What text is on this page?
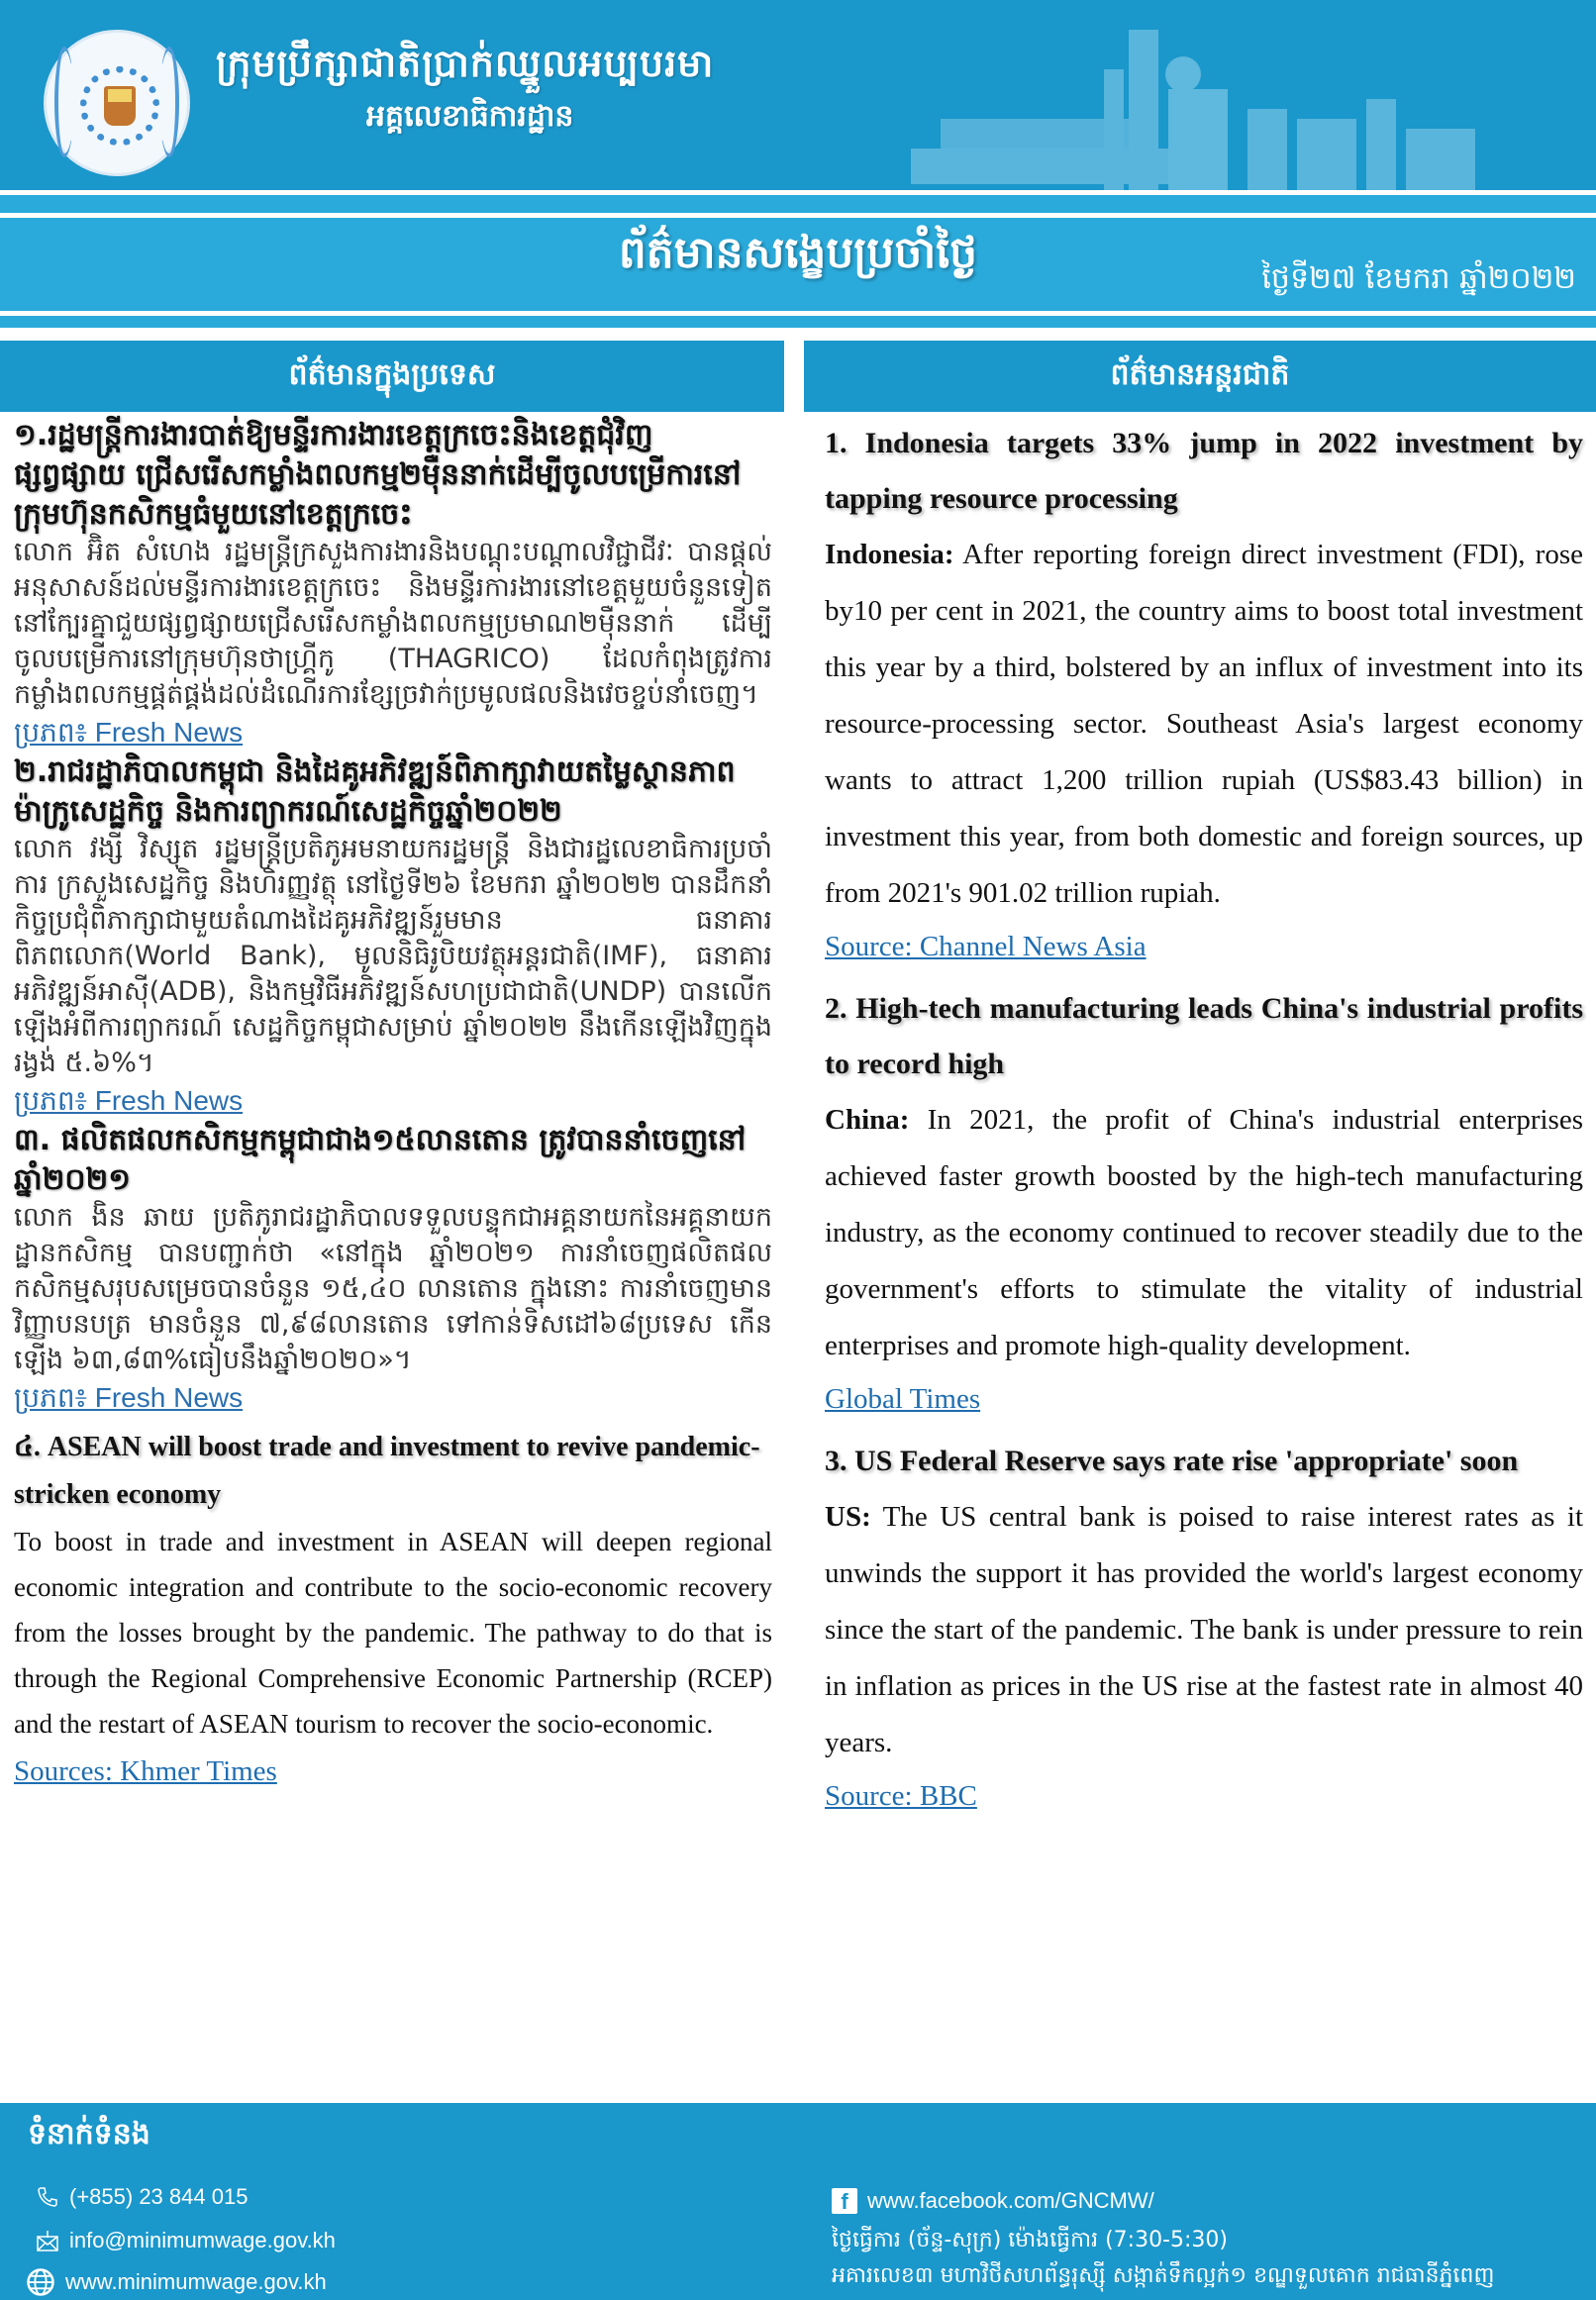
ក្រុមប្រឹក្សាជាតិប្រាក់ឈ្នួលអប្បបរមា
អគ្គលេខាធិការដ្ឋាន
ព័ត៌មានសង្ខេបប្រចាំថ្ងៃ
ថ្ងៃទី២៧ ខែមករា ឆ្នាំ២០២២
ព័ត៌មានក្នុងប្រទេស	ព័ត៌មានអន្តរជាតិ
១.រដ្ឋមន្ត្រីការងារបាត់ឱ្យមន្ទីរការងារខេត្តក្រចេះនិងខេត្តជុំវិញ ផ្សព្វផ្សាយ ជ្រើសរើសកម្លាំងពលកម្ម២ម៉ឺននាក់ដើម្បីចូលបម្រើការនៅក្រុមហ៊ុនកសិកម្មធំមួយនៅខេត្តក្រចេះ
លោក អ៊ិត សំហេង រដ្ឋមន្ត្រីក្រសួងការងារនិងបណ្តុះបណ្តាលវិជ្ជាជីវៈ បានផ្តល់អនុសាសន៍ដល់មន្ទីរការងារខេត្តក្រចេះ និងមន្ទីរការងារនៅខេត្តមួយចំនួនទៀត នៅក្បែរគ្នាជួយផ្សព្វផ្សាយជ្រើសរើសកម្លាំងពលកម្មប្រមាណ២ម៉ឺននាក់ ដើម្បីចូលបម្រើការនៅក្រុមហ៊ុនថាហ្គ្រីកូ (THAGRICO) ដែលកំពុងត្រូវការកម្លាំងពលកម្មផ្គត់ផ្គង់ដល់ដំណើរការខ្សែច្រវាក់ប្រមូលផលនិងវេចខ្ចប់នាំចេញ។
ប្រភព៖ Fresh News
២.រាជរដ្ឋាភិបាលកម្ពុជា និងដៃគូអភិវឌ្ឍន៍ពិភាក្សាវាយតម្លៃស្ថានភាពម៉ាក្រូសេដ្ឋកិច្ច និងការព្យាករណ៍សេដ្ឋកិច្ចឆ្នាំ២០២២
លោក វង្សី វិស្សុត រដ្ឋមន្ត្រីប្រតិភូអមនាយករដ្ឋមន្ត្រី និងជារដ្ឋលេខាធិការប្រចាំការ ក្រសួងសេដ្ឋកិច្ច និងហិរញ្ញវត្ថុ នៅថ្ងៃទី២៦ ខែមករា ឆ្នាំ២០២២ បានដឹកនាំកិច្ចប្រជុំពិភាក្សាជាមួយតំណាងដៃគូអភិវឌ្ឍន៍រួមមាន ធនាគារពិភពលោក(World Bank), មូលនិធិរូបិយវត្ថុអន្តរជាតិ(IMF), ធនាគារអភិវឌ្ឍន៍អាស៊ី(ADB), និងកម្មវិធីអភិវឌ្ឍន៍សហប្រជាជាតិ(UNDP) បានលើកឡើងអំពីការព្យាករណ៍ សេដ្ឋកិច្ចកម្ពុជាសម្រាប់ ឆ្នាំ២០២២ នឹងកើនឡើងវិញក្នុងរង្វង់ ៥.៦%។
ប្រភព៖ Fresh News
៣. ផលិតផលកសិកម្មកម្ពុជាជាង១៥លានតោន ត្រូវបាននាំចេញនៅឆ្នាំ២០២១
លោក ងិន ឆាយ ប្រតិភូរាជរដ្ឋាភិបាលទទួលបន្ទុកជាអគ្គនាយកនៃអគ្គនាយកដ្ឋានកសិកម្ម បានបញ្ជាក់ថា «នៅក្នុង ឆ្នាំ២០២១ ការនាំចេញផលិតផលកសិកម្មសរុបសម្រេចបានចំនួន ១៥,៤០ លានតោន ក្នុងនោះ ការនាំចេញមានវិញ្ញាបនបត្រ មានចំនួន ៧,៩៨លានតោន ទៅកាន់ទិសដៅ៦៨ប្រទេស កើនឡើង ៦៣,៨៣%ធៀបនឹងឆ្នាំ២០២០»។
ប្រភព៖ Fresh News
៤. ASEAN will boost trade and investment to revive pandemic-stricken economy
To boost in trade and investment in ASEAN will deepen regional economic integration and contribute to the socio-economic recovery from the losses brought by the pandemic. The pathway to do that is through the Regional Comprehensive Economic Partnership (RCEP) and the restart of ASEAN tourism to recover the socio-economic.
Sources: Khmer Times
1. Indonesia targets 33% jump in 2022 investment by tapping resource processing
Indonesia: After reporting foreign direct investment (FDI), rose by10 per cent in 2021, the country aims to boost total investment this year by a third, bolstered by an influx of investment into its resource-processing sector. Southeast Asia's largest economy wants to attract 1,200 trillion rupiah (US$83.43 billion) in investment this year, from both domestic and foreign sources, up from 2021's 901.02 trillion rupiah.
Source: Channel News Asia
2. High-tech manufacturing leads China's industrial profits to record high
China: In 2021, the profit of China's industrial enterprises achieved faster growth boosted by the high-tech manufacturing industry, as the economy continued to recover steadily due to the government's efforts to stimulate the vitality of industrial enterprises and promote high-quality development.
Global Times
3. US Federal Reserve says rate rise 'appropriate' soon
US: The US central bank is poised to raise interest rates as it unwinds the support it has provided the world's largest economy since the start of the pandemic. The bank is under pressure to rein in inflation as prices in the US rise at the fastest rate in almost 40 years.
Source: BBC
ទំនាក់ទំនង
(+855) 23 844 015
info@minimumwage.gov.kh
www.minimumwage.gov.kh
f www.facebook.com/GNCMW/
ថ្ងៃធ្វើការ (ច័ន្ទ-សុក្រ) ម៉ោងធ្វើការ (7:30-5:30)
អគារលេខ៣ មហាវិថីសហព័ន្ធរុស្ស៊ី សង្កាត់ទឹកល្អក់១ ខណ្ឌទួលគោក រាជធានីភ្នំពេញ
